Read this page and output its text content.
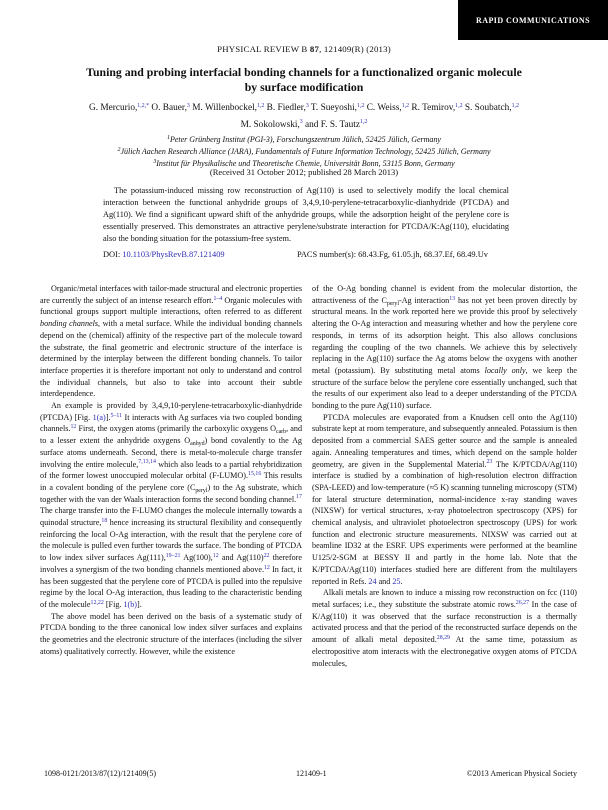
RAPID COMMUNICATIONS
PHYSICAL REVIEW B 87, 121409(R) (2013)
Tuning and probing interfacial bonding channels for a functionalized organic molecule
by surface modification
G. Mercurio,$^{1,2,*}$ O. Bauer,$^3$ M. Willenbockel,$^{1,2}$ B. Fiedler,$^3$ T. Sueyoshi,$^{1,2}$ C. Weiss,$^{1,2}$ R. Temirov,$^{1,2}$ S. Soubatch,$^{1,2}$
M. Sokolowski,$^3$ and F. S. Tautz$^{1,2}$
$^1$Peter Grünberg Institut (PGI-3), Forschungszentrum Jülich, 52425 Jülich, Germany
$^2$Jülich Aachen Research Alliance (JARA), Fundamentals of Future Information Technology, 52425 Jülich, Germany
$^3$Institut für Physikalische und Theoretische Chemie, Universität Bonn, 53115 Bonn, Germany
(Received 31 October 2012; published 28 March 2013)
The potassium-induced missing row reconstruction of Ag(110) is used to selectively modify the local chemical interaction between the functional anhydride groups of 3,4,9,10-perylene-tetracarboxylic-dianhydride (PTCDA) and Ag(110). We find a significant upward shift of the anhydride groups, while the adsorption height of the perylene core is essentially preserved. This demonstrates an attractive perylene/substrate interaction for PTCDA/K:Ag(110), elucidating also the bonding situation for the potassium-free system.
DOI: 10.1103/PhysRevB.87.121409	PACS number(s): 68.43.Fg, 61.05.jh, 68.37.Ef, 68.49.Uv
Organic/metal interfaces with tailor-made structural and electronic properties are currently the subject of an intense research effort.$^{1-4}$ Organic molecules with functional groups support multiple interactions, often referred to as different bonding channels, with a metal surface. While the individual bonding channels depend on the (chemical) affinity of the respective part of the molecule toward the substrate, the final geometric and electronic structure of the interface is determined by the interplay between the different bonding channels. To tailor interface properties it is therefore important not only to understand and control the individual channels, but also to take into account their subtle interdependence.
An example is provided by 3,4,9,10-perylene-tetracarboxylic-dianhydride (PTCDA) [Fig. 1(a)].$^{5-11}$ It interacts with Ag surfaces via two coupled bonding channels.$^{12}$ First, the oxygen atoms (primarily the carboxylic oxygens $O_{carb}$, and to a lesser extent the anhydride oxygens $O_{anhyd}$) bond covalently to the Ag surface atoms underneath. Second, there is metal-to-molecule charge transfer involving the entire molecule,$^{7,13,14}$ which also leads to a partial rehybridization of the former lowest unoccupied molecular orbital (F-LUMO).$^{15,16}$ This results in a covalent bonding of the perylene core $(C_{peryl})$ to the Ag substrate, which together with the van der Waals interaction forms the second bonding channel.$^{17}$ The charge transfer into the F-LUMO changes the molecule internally towards a quinodal structure,$^{18}$ hence increasing its structural flexibility and consequently reinforcing the local O-Ag interaction, with the result that the perylene core of the molecule is pulled even further towards the surface. The bonding of PTCDA to low index silver surfaces Ag(111),$^{19-21}$ Ag(100),$^{12}$ and $Ag(110)^{22}$ therefore involves a synergism of the two bonding channels mentioned above.$^{12}$ In fact, it has been suggested that the perylene core of PTCDA is pulled into the repulsive regime by the local O-Ag interaction, thus leading to the characteristic bending of the molecule$^{12,22}$ [Fig. 1(b)].
The above model has been derived on the basis of a systematic study of PTCDA bonding to the three canonical low index silver surfaces and explains the geometries and the electronic structure of the interfaces (including the silver atoms) qualitatively correctly. However, while the existence
of the O-Ag bonding channel is evident from the molecular distortion, the attractiveness of the $C_{peryl}-Ag$ interaction$^{13}$ has not yet been proven directly by structural means. In the work reported here we provide this proof by selectively altering the O-Ag interaction and measuring whether and how the perylene core responds, in terms of its adsorption height. This also allows conclusions regarding the coupling of the two channels. We achieve this by selectively replacing in the Ag(110) surface the Ag atoms below the oxygens with another metal (potassium). By substituting metal atoms locally only, we keep the structure of the surface below the perylene core essentially unchanged, such that the results of our experiment also lead to a deeper understanding of the PTCDA bonding to the pure Ag(110) surface.
PTCDA molecules are evaporated from a Knudsen cell onto the Ag(110) substrate kept at room temperature, and subsequently annealed. Potassium is then deposited from a commercial SAES getter source and the sample is annealed again. Annealing temperatures and times, which depend on the sample holder geometry, are given in the Supplemental Material.$^{23}$ The K/PTCDA/Ag(110) interface is studied by a combination of high-resolution electron diffraction (SPA-LEED) and low-temperature (≈5 K) scanning tunneling microscopy (STM) for lateral structure determination, normal-incidence x-ray standing waves (NIXSW) for vertical structures, x-ray photoelectron spectroscopy (XPS) for chemical analysis, and ultraviolet photoelectron spectroscopy (UPS) for work function and electronic structure measurements. NIXSW was carried out at beamline ID32 at the ESRF. UPS experiments were performed at the beamline U125/2-SGM at BESSY II and partly in the home lab. Note that the K/PTCDA/Ag(110) interfaces studied here are different from the multilayers reported in Refs. 24 and 25.
Alkali metals are known to induce a missing row reconstruction on fcc (110) metal surfaces; i.e., they substitute the substrate atomic rows.$^{26,27}$ In the case of K/Ag(110) it was observed that the surface reconstruction is a thermally activated process and that the period of the reconstructed surface depends on the amount of alkali metal deposited.$^{28,29}$ At the same time, potassium as electropositive atom interacts with the electronegative oxygen atoms of PTCDA molecules,
1098-0121/2013/87(12)/121409(5)	121409-1	©2013 American Physical Society
